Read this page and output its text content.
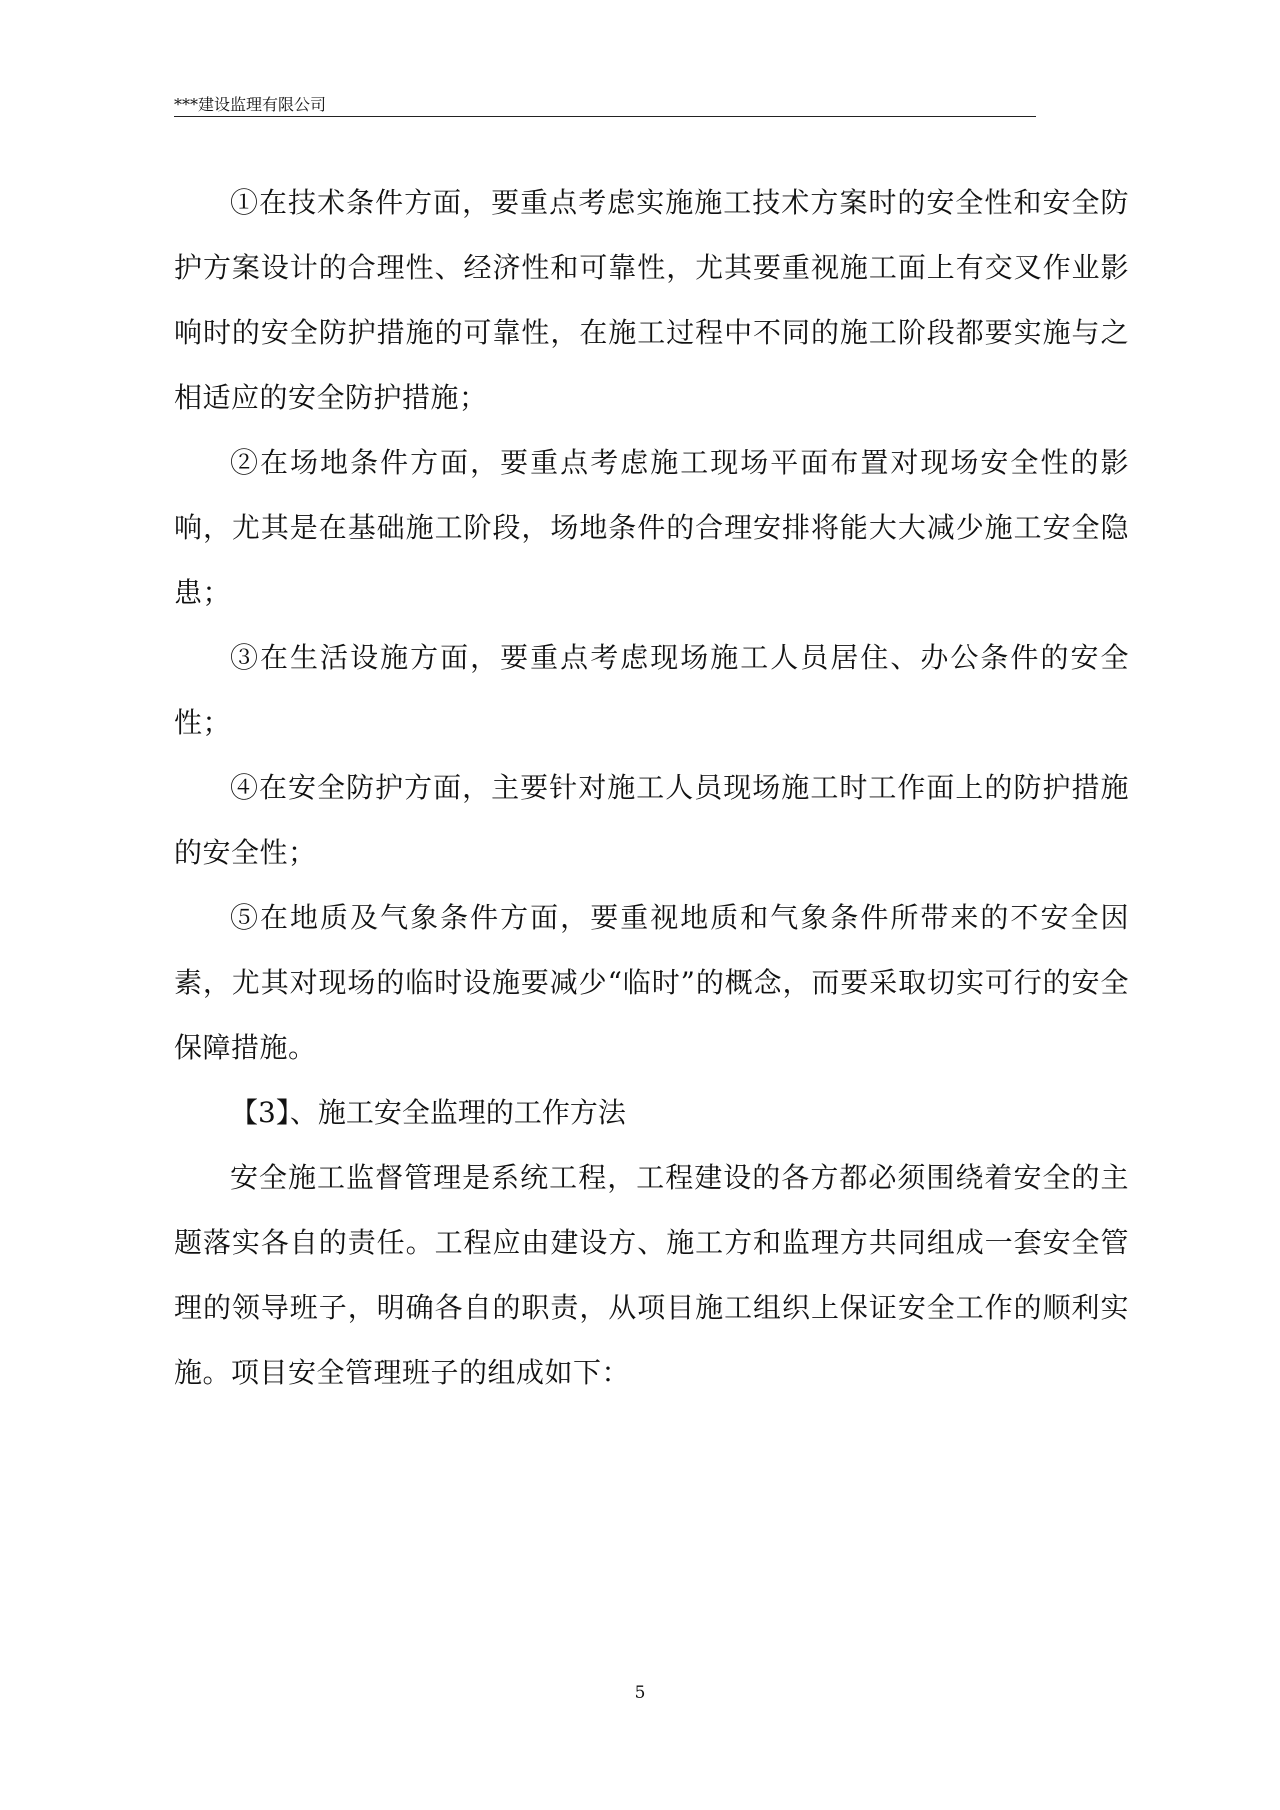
***建设监理有限公司

①在技术条件方面，要重点考虑实施施工技术方案时的安全性和安全防护方案设计的合理性、经济性和可靠性，尤其要重视施工面上有交叉作业影响时的安全防护措施的可靠性，在施工过程中不同的施工阶段都要实施与之相适应的安全防护措施；

②在场地条件方面，要重点考虑施工现场平面布置对现场安全性的影响，尤其是在基础施工阶段，场地条件的合理安排将能大大减少施工安全隐患；

③在生活设施方面，要重点考虑现场施工人员居住、办公条件的安全性；

④在安全防护方面，主要针对施工人员现场施工时工作面上的防护措施的安全性；

⑤在地质及气象条件方面，要重视地质和气象条件所带来的不安全因素，尤其对现场的临时设施要减少“临时”的概念，而要采取切实可行的安全保障措施。

【3】、施工安全监理的工作方法

安全施工监督管理是系统工程，工程建设的各方都必须围绕着安全的主题落实各自的责任。工程应由建设方、施工方和监理方共同组成一套安全管理的领导班子，明确各自的职责，从项目施工组织上保证安全工作的顺利实施。项目安全管理班子的组成如下：

5
